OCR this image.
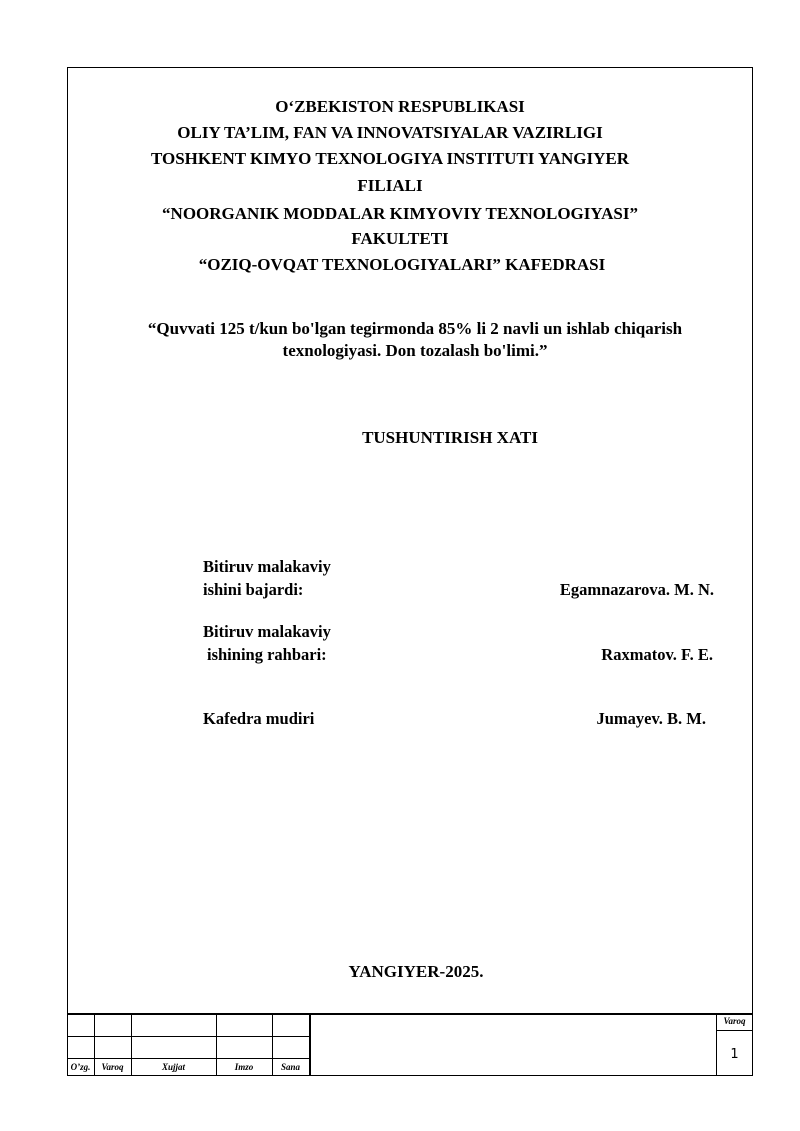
O‘ZBEKISTON RESPUBLIKASI
OLIY TA’LIM, FAN VA INNOVATSIYALAR VAZIRLIGI
TOSHKENT KIMYO TEXNOLOGIYA INSTITUTI YANGIYER
FILIALI
“NOORGANIK MODDALAR KIMYOVIY TEXNOLOGIYASI”
FAKULTETI
“OZIQ-OVQAT TEXNOLOGIYALARI” KAFEDRASI
“Quvvati 125 t/kun bo'lgan tegirmonda 85% li 2 navli un ishlab chiqarish
texnologiyasi. Don tozalash bo'limi.”
TUSHUNTIRISH XATI
Bitiruv malakaviy
ishini bajardi:	Egamnazarova. M. N.
Bitiruv malakaviy
ishining rahbari:	Raxmatov. F. E.
Kafedra mudiri	Jumayev. B. M.
YANGIYER-2025.
O’zg.	Varoq	Xujjat	Imzo	Sana
Varoq
1
